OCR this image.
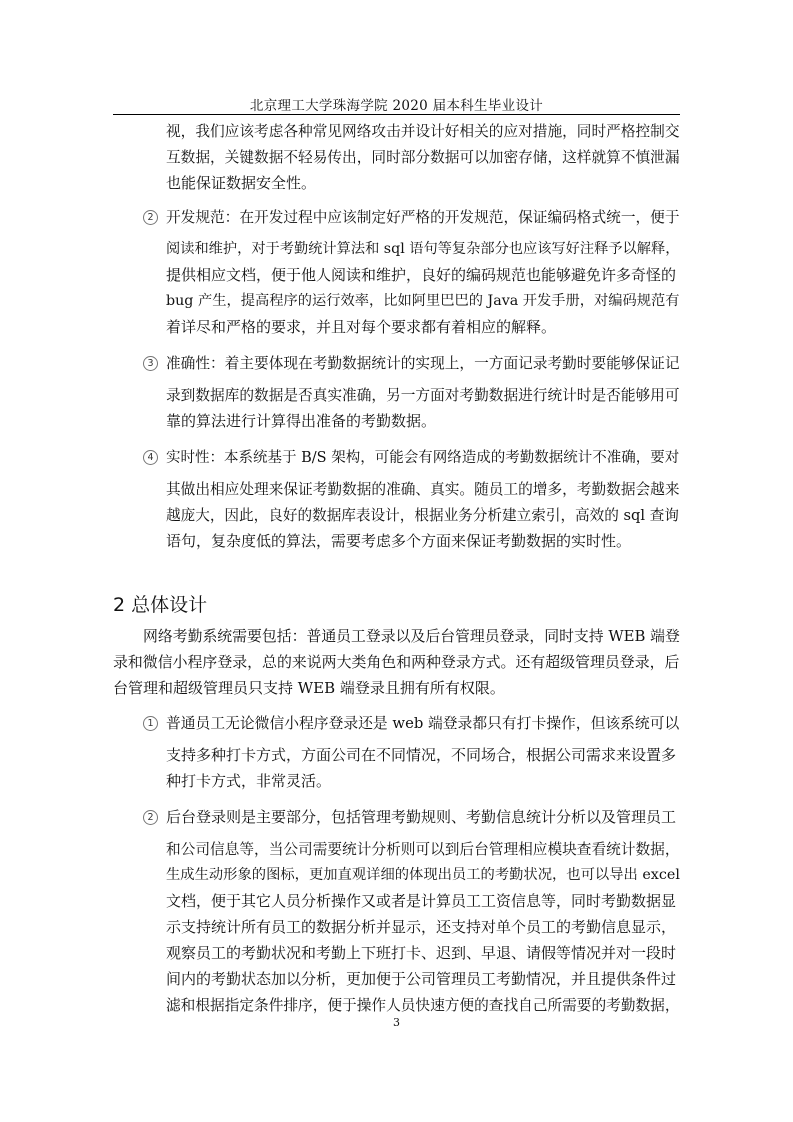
北京理工大学珠海学院 2020 届本科生毕业设计
视，我们应该考虑各种常见网络攻击并设计好相关的应对措施，同时严格控制交
互数据，关键数据不轻易传出，同时部分数据可以加密存储，这样就算不慎泄漏
也能保证数据安全性。
2 开发规范：在开发过程中应该制定好严格的开发规范，保证编码格式统一，便于
阅读和维护，对于考勤统计算法和 sql 语句等复杂部分也应该写好注释予以解释，
提供相应文档，便于他人阅读和维护，良好的编码规范也能够避免许多奇怪的
bug 产生，提高程序的运行效率，比如阿里巴巴的 Java 开发手册，对编码规范有
着详尽和严格的要求，并且对每个要求都有着相应的解释。
3 准确性：着主要体现在考勤数据统计的实现上，一方面记录考勤时要能够保证记
录到数据库的数据是否真实准确，另一方面对考勤数据进行统计时是否能够用可
靠的算法进行计算得出准备的考勤数据。
4 实时性：本系统基于 B/S 架构，可能会有网络造成的考勤数据统计不准确，要对
其做出相应处理来保证考勤数据的准确、真实。随员工的增多，考勤数据会越来
越庞大，因此，良好的数据库表设计，根据业务分析建立索引，高效的 sql 查询
语句，复杂度低的算法，需要考虑多个方面来保证考勤数据的实时性。
2 总体设计
网络考勤系统需要包括：普通员工登录以及后台管理员登录，同时支持 WEB 端登
录和微信小程序登录，总的来说两大类角色和两种登录方式。还有超级管理员登录，后
台管理和超级管理员只支持 WEB 端登录且拥有所有权限。
1 普通员工无论微信小程序登录还是 web 端登录都只有打卡操作，但该系统可以
支持多种打卡方式，方面公司在不同情况，不同场合，根据公司需求来设置多
种打卡方式，非常灵活。
2 后台登录则是主要部分，包括管理考勤规则、考勤信息统计分析以及管理员工
和公司信息等，当公司需要统计分析则可以到后台管理相应模块查看统计数据，
生成生动形象的图标，更加直观详细的体现出员工的考勤状况，也可以导出 excel
文档，便于其它人员分析操作又或者是计算员工工资信息等，同时考勤数据显
示支持统计所有员工的数据分析并显示，还支持对单个员工的考勤信息显示，
观察员工的考勤状况和考勤上下班打卡、迟到、早退、请假等情况并对一段时
间内的考勤状态加以分析，更加便于公司管理员工考勤情况，并且提供条件过
滤和根据指定条件排序，便于操作人员快速方便的查找自己所需要的考勤数据，
3
